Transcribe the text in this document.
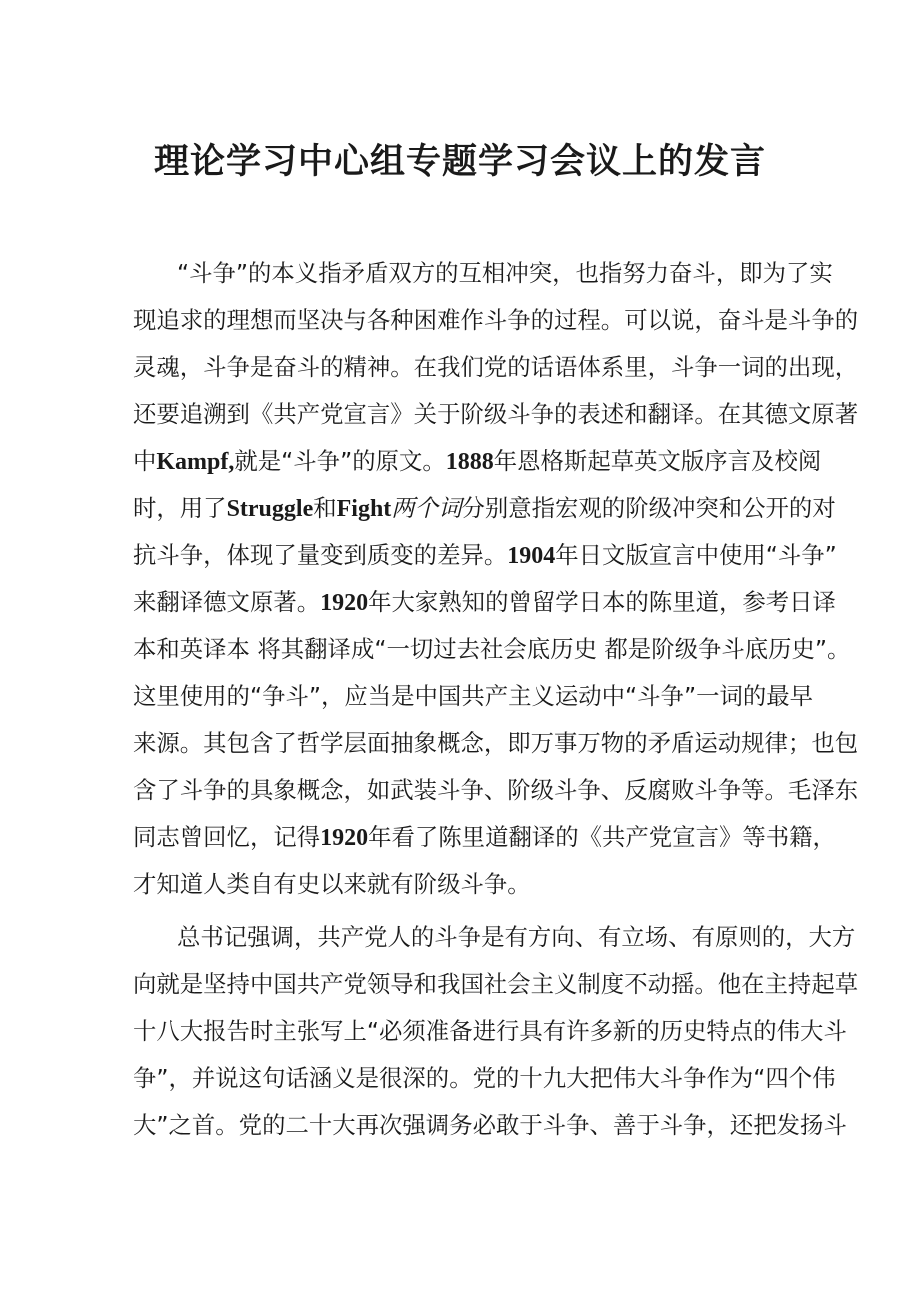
理论学习中心组专题学习会议上的发言
“斗争”的本义指矛盾双方的互相冲突，也指努力奋斗，即为了实
现追求的理想而坚决与各种困难作斗争的过程。可以说，奋斗是斗争的
灵魂，斗争是奋斗的精神。在我们党的话语体系里，斗争一词的出现，
还要追溯到《共产党宣言》关于阶级斗争的表述和翻译。在其德文原著
中Kampf,就是“斗争”的原文。1888年恩格斯起草英文版序言及校阅
时，用了Struggle和Fight两个词分别意指宏观的阶级冲突和公开的对
抗斗争，体现了量变到质变的差异。1904年日文版宣言中使用“斗争”
来翻译德文原著。1920年大家熟知的曾留学日本的陈里道，参考日译
本和英译本 将其翻译成“一切过去社会底历史 都是阶级争斗底历史”。
这里使用的“争斗”，应当是中国共产主义运动中“斗争”一词的最早
来源。其包含了哲学层面抽象概念，即万事万物的矛盾运动规律；也包
含了斗争的具象概念，如武装斗争、阶级斗争、反腐败斗争等。毛泽东
同志曾回忆，记得1920年看了陈里道翻译的《共产党宣言》等书籍，
才知道人类自有史以来就有阶级斗争。
总书记强调，共产党人的斗争是有方向、有立场、有原则的，大方
向就是坚持中国共产党领导和我国社会主义制度不动摇。他在主持起草
十八大报告时主张写上“必须准备进行具有许多新的历史特点的伟大斗
争”，并说这句话涵义是很深的。党的十九大把伟大斗争作为“四个伟
大”之首。党的二十大再次强调务必敢于斗争、善于斗争，还把发扬斗
